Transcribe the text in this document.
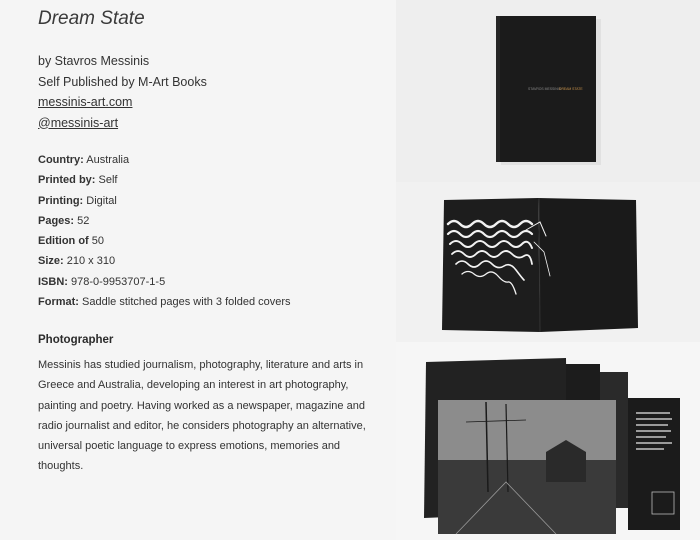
Dream State
by Stavros Messinis
Self Published by M-Art Books
messinis-art.com
@messinis-art
Country: Australia
Printed by: Self
Printing: Digital
Pages: 52
Edition of 50
Size: 210 x 310
ISBN: 978-0-9953707-1-5
Format: Saddle stitched pages with 3 folded covers
Photographer
Messinis has studied journalism, photography, literature and arts in
Greece and Australia, developing an interest in art photography,
painting and poetry. Having worked as a newspaper, magazine and
radio journalist and editor, he considers photography an alternative,
universal poetic language to express emotions, memories and
thoughts.
STAVROS MESSINIS
DREAM STATE
